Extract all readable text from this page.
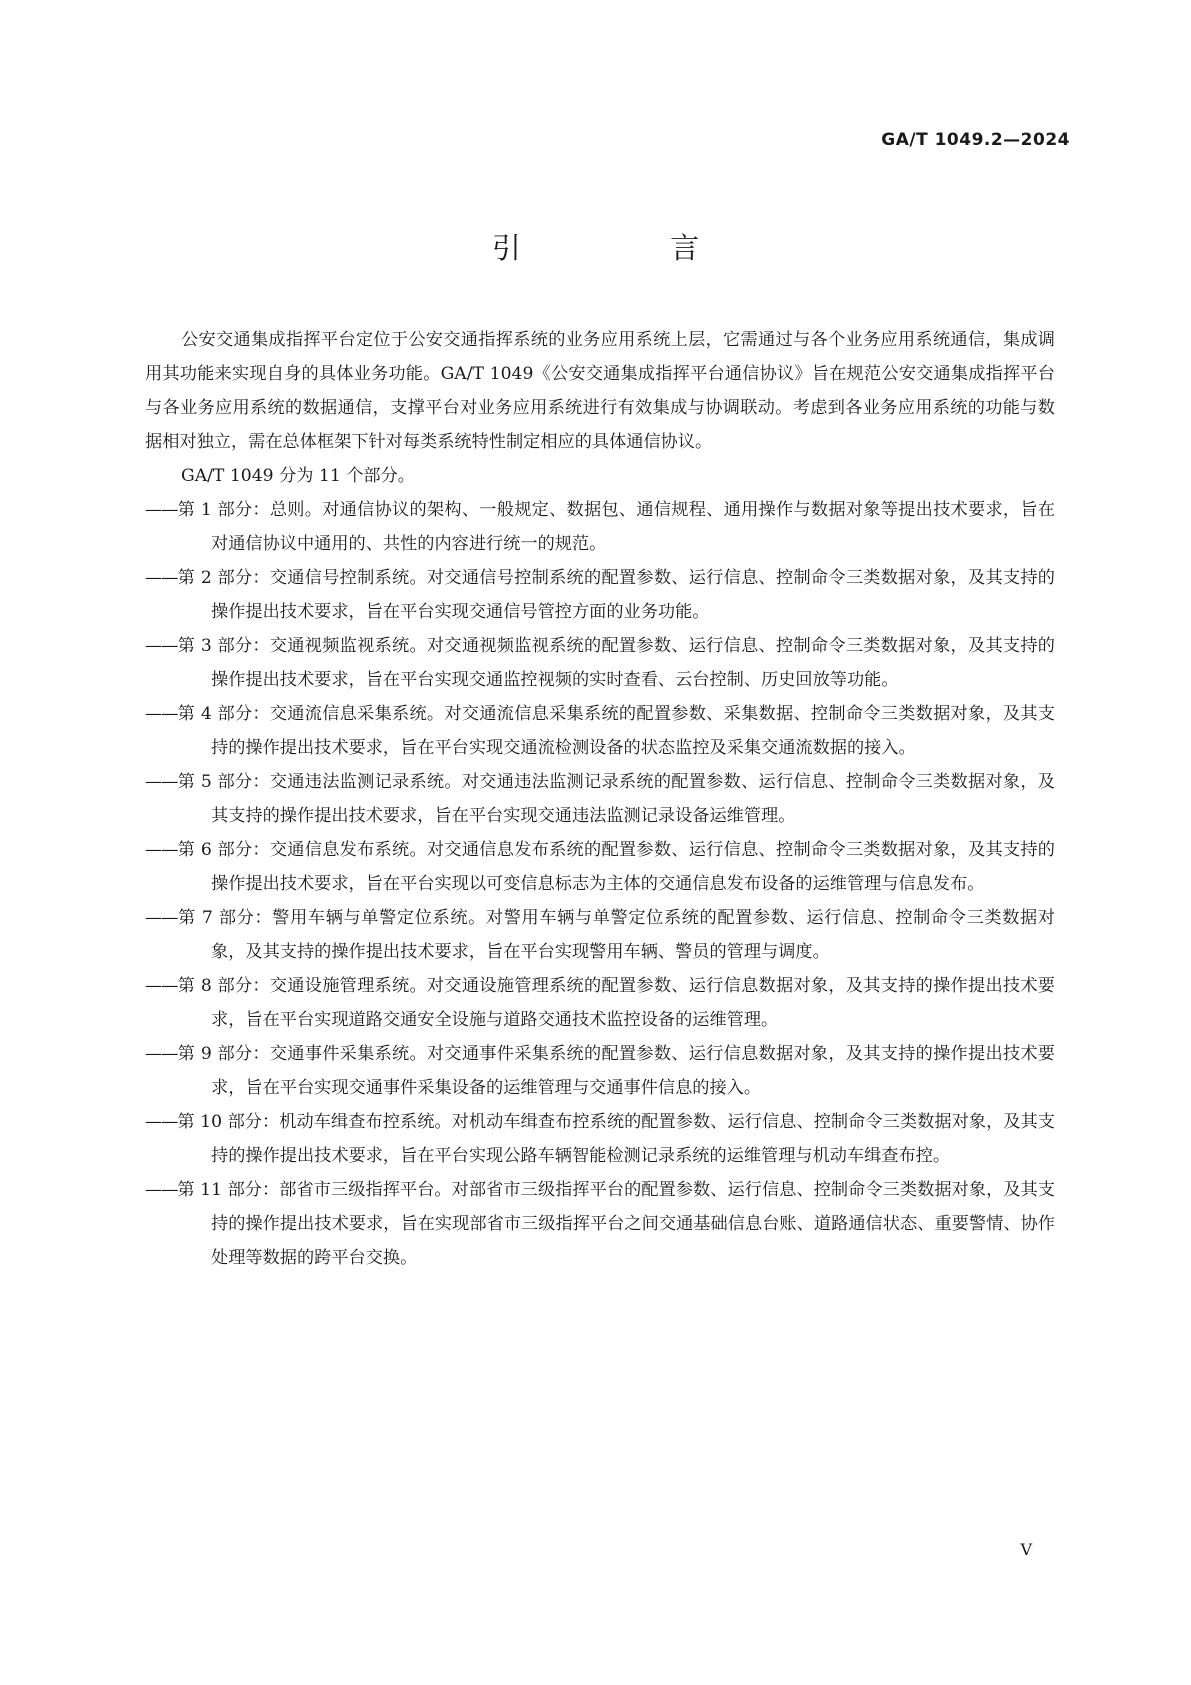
GA/T 1049.2—2024
引 言

公安交通集成指挥平台定位于公安交通指挥系统的业务应用系统上层，它需通过与各个业务应用系统通信，集成调用其功能来实现自身的具体业务功能。GA/T 1049《公安交通集成指挥平台通信协议》旨在规范公安交通集成指挥平台与各业务应用系统的数据通信，支撑平台对业务应用系统进行有效集成与协调联动。考虑到各业务应用系统的功能与数据相对独立，需在总体框架下针对每类系统特性制定相应的具体通信协议。

GA/T 1049 分为 11 个部分。

——第 1 部分：总则。对通信协议的架构、一般规定、数据包、通信规程、通用操作与数据对象等提出技术要求，旨在对通信协议中通用的、共性的内容进行统一的规范。

——第 2 部分：交通信号控制系统。对交通信号控制系统的配置参数、运行信息、控制命令三类数据对象，及其支持的操作提出技术要求，旨在平台实现交通信号管控方面的业务功能。

——第 3 部分：交通视频监视系统。对交通视频监视系统的配置参数、运行信息、控制命令三类数据对象，及其支持的操作提出技术要求，旨在平台实现交通监控视频的实时查看、云台控制、历史回放等功能。

——第 4 部分：交通流信息采集系统。对交通流信息采集系统的配置参数、采集数据、控制命令三类数据对象，及其支持的操作提出技术要求，旨在平台实现交通流检测设备的状态监控及采集交通流数据的接入。

——第 5 部分：交通违法监测记录系统。对交通违法监测记录系统的配置参数、运行信息、控制命令三类数据对象，及其支持的操作提出技术要求，旨在平台实现交通违法监测记录设备运维管理。

——第 6 部分：交通信息发布系统。对交通信息发布系统的配置参数、运行信息、控制命令三类数据对象，及其支持的操作提出技术要求，旨在平台实现以可变信息标志为主体的交通信息发布设备的运维管理与信息发布。

——第 7 部分：警用车辆与单警定位系统。对警用车辆与单警定位系统的配置参数、运行信息、控制命令三类数据对象，及其支持的操作提出技术要求，旨在平台实现警用车辆、警员的管理与调度。

——第 8 部分：交通设施管理系统。对交通设施管理系统的配置参数、运行信息数据对象，及其支持的操作提出技术要求，旨在平台实现道路交通安全设施与道路交通技术监控设备的运维管理。

——第 9 部分：交通事件采集系统。对交通事件采集系统的配置参数、运行信息数据对象，及其支持的操作提出技术要求，旨在平台实现交通事件采集设备的运维管理与交通事件信息的接入。

——第 10 部分：机动车缉查布控系统。对机动车缉查布控系统的配置参数、运行信息、控制命令三类数据对象，及其支持的操作提出技术要求，旨在平台实现公路车辆智能检测记录系统的运维管理与机动车缉查布控。

——第 11 部分：部省市三级指挥平台。对部省市三级指挥平台的配置参数、运行信息、控制命令三类数据对象，及其支持的操作提出技术要求，旨在实现部省市三级指挥平台之间交通基础信息台账、道路通信状态、重要警情、协作处理等数据的跨平台交换。

V
